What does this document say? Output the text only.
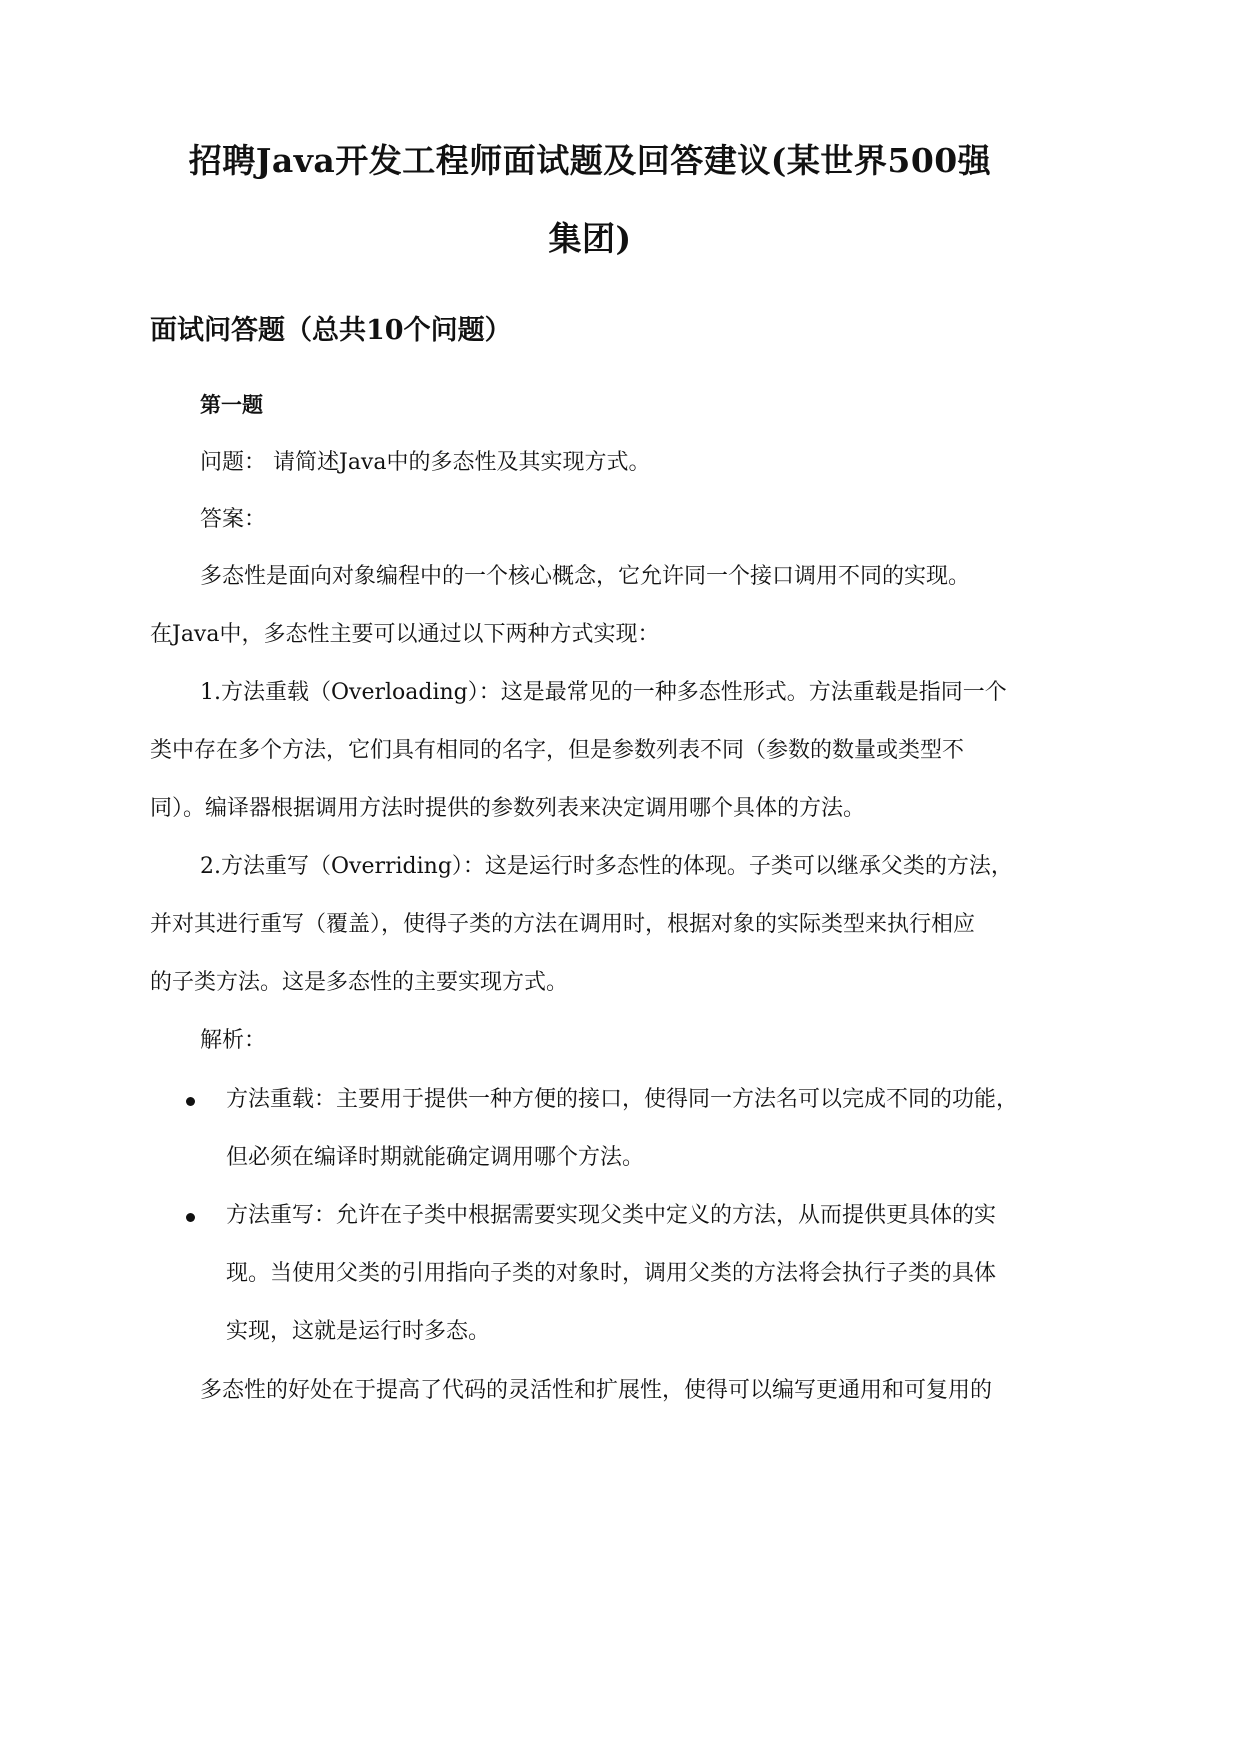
招聘Java开发工程师面试题及回答建议(某世界500强
集团)
面试问答题（总共10个问题）
第一题
问题： 请简述Java中的多态性及其实现方式。
答案：
多态性是面向对象编程中的一个核心概念，它允许同一个接口调用不同的实现。
在Java中，多态性主要可以通过以下两种方式实现：
1.方法重载（Overloading）：这是最常见的一种多态性形式。方法重载是指同一个
类中存在多个方法，它们具有相同的名字，但是参数列表不同（参数的数量或类型不
同）。编译器根据调用方法时提供的参数列表来决定调用哪个具体的方法。
2.方法重写（Overriding）：这是运行时多态性的体现。子类可以继承父类的方法，
并对其进行重写（覆盖），使得子类的方法在调用时，根据对象的实际类型来执行相应
的子类方法。这是多态性的主要实现方式。
解析：
方法重载：主要用于提供一种方便的接口，使得同一方法名可以完成不同的功能，
但必须在编译时期就能确定调用哪个方法。
方法重写：允许在子类中根据需要实现父类中定义的方法，从而提供更具体的实
现。当使用父类的引用指向子类的对象时，调用父类的方法将会执行子类的具体
实现，这就是运行时多态。
多态性的好处在于提高了代码的灵活性和扩展性，使得可以编写更通用和可复用的
